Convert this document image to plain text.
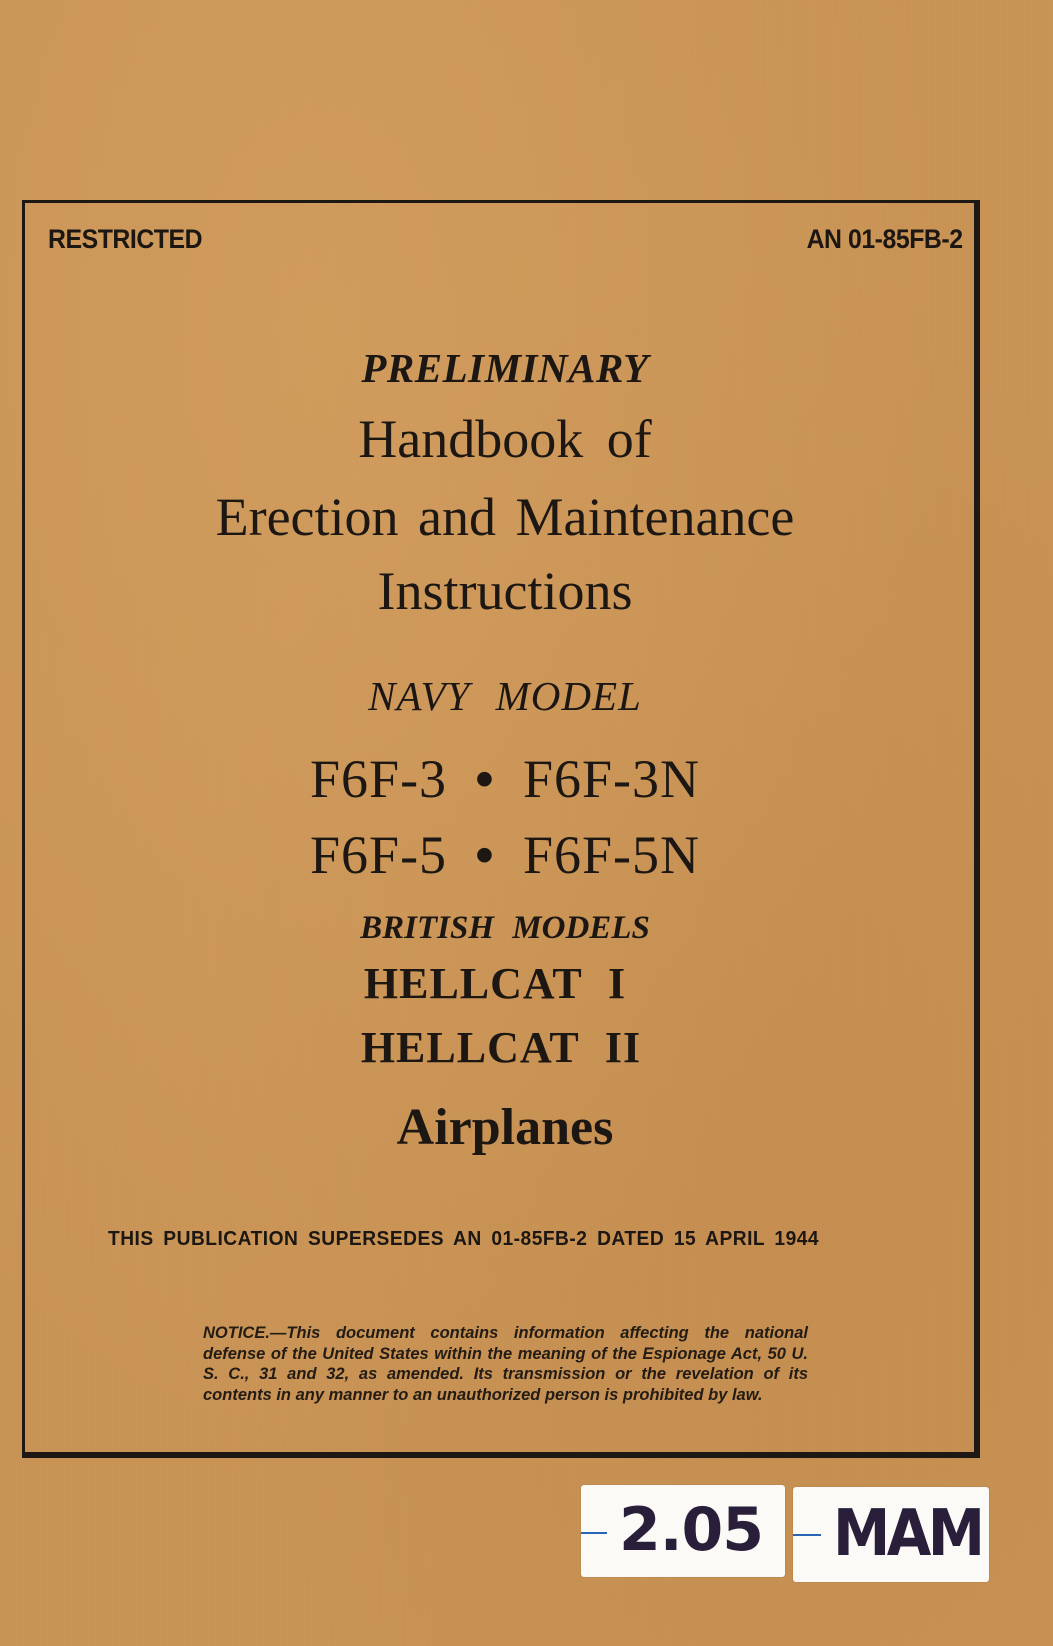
RESTRICTED	AN 01-85FB-2
PRELIMINARY
Handbook of
Erection and Maintenance
Instructions
NAVY MODEL
F6F-3 • F6F-3N
F6F-5 • F6F-5N
BRITISH MODELS
HELLCAT I
HELLCAT II
Airplanes
THIS PUBLICATION SUPERSEDES AN 01-85FB-2 DATED 15 APRIL 1944
NOTICE.—This document contains information affecting the national defense of the United States within the meaning of the Espionage Act, 50 U. S. C., 31 and 32, as amended. Its transmission or the revelation of its contents in any manner to an unauthorized person is prohibited by law.
2.05 MAM
